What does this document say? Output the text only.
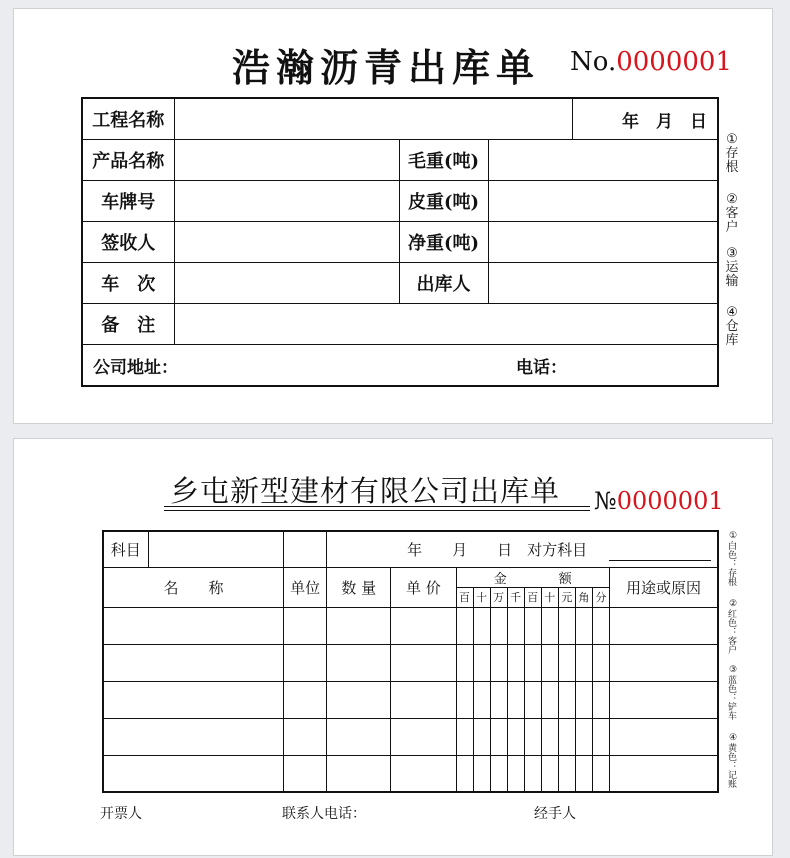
浩瀚沥青出库单 No.0000001
工程名称				年　月　日
产品名称		毛重(吨)		
车牌号		皮重(吨)		
签收人		净重(吨)		
车　次		出库人		
备　注				
公司地址：			电话：	
①
存
根
②
客
户
③
运
输
④
仓
库
乡屯新型建材有限公司出库单 №0000001
科目			年　　月　　日　 对方科目											

名　　称		单位	数 量	单 价	金　　　　额									用途或原因
					百	十	万	千	百	十	元	角	分	

①
白色：存根
②
红色：客户
③
蓝色：铲车
④
黄色：记账
开票人	联系人电话：	经手人
